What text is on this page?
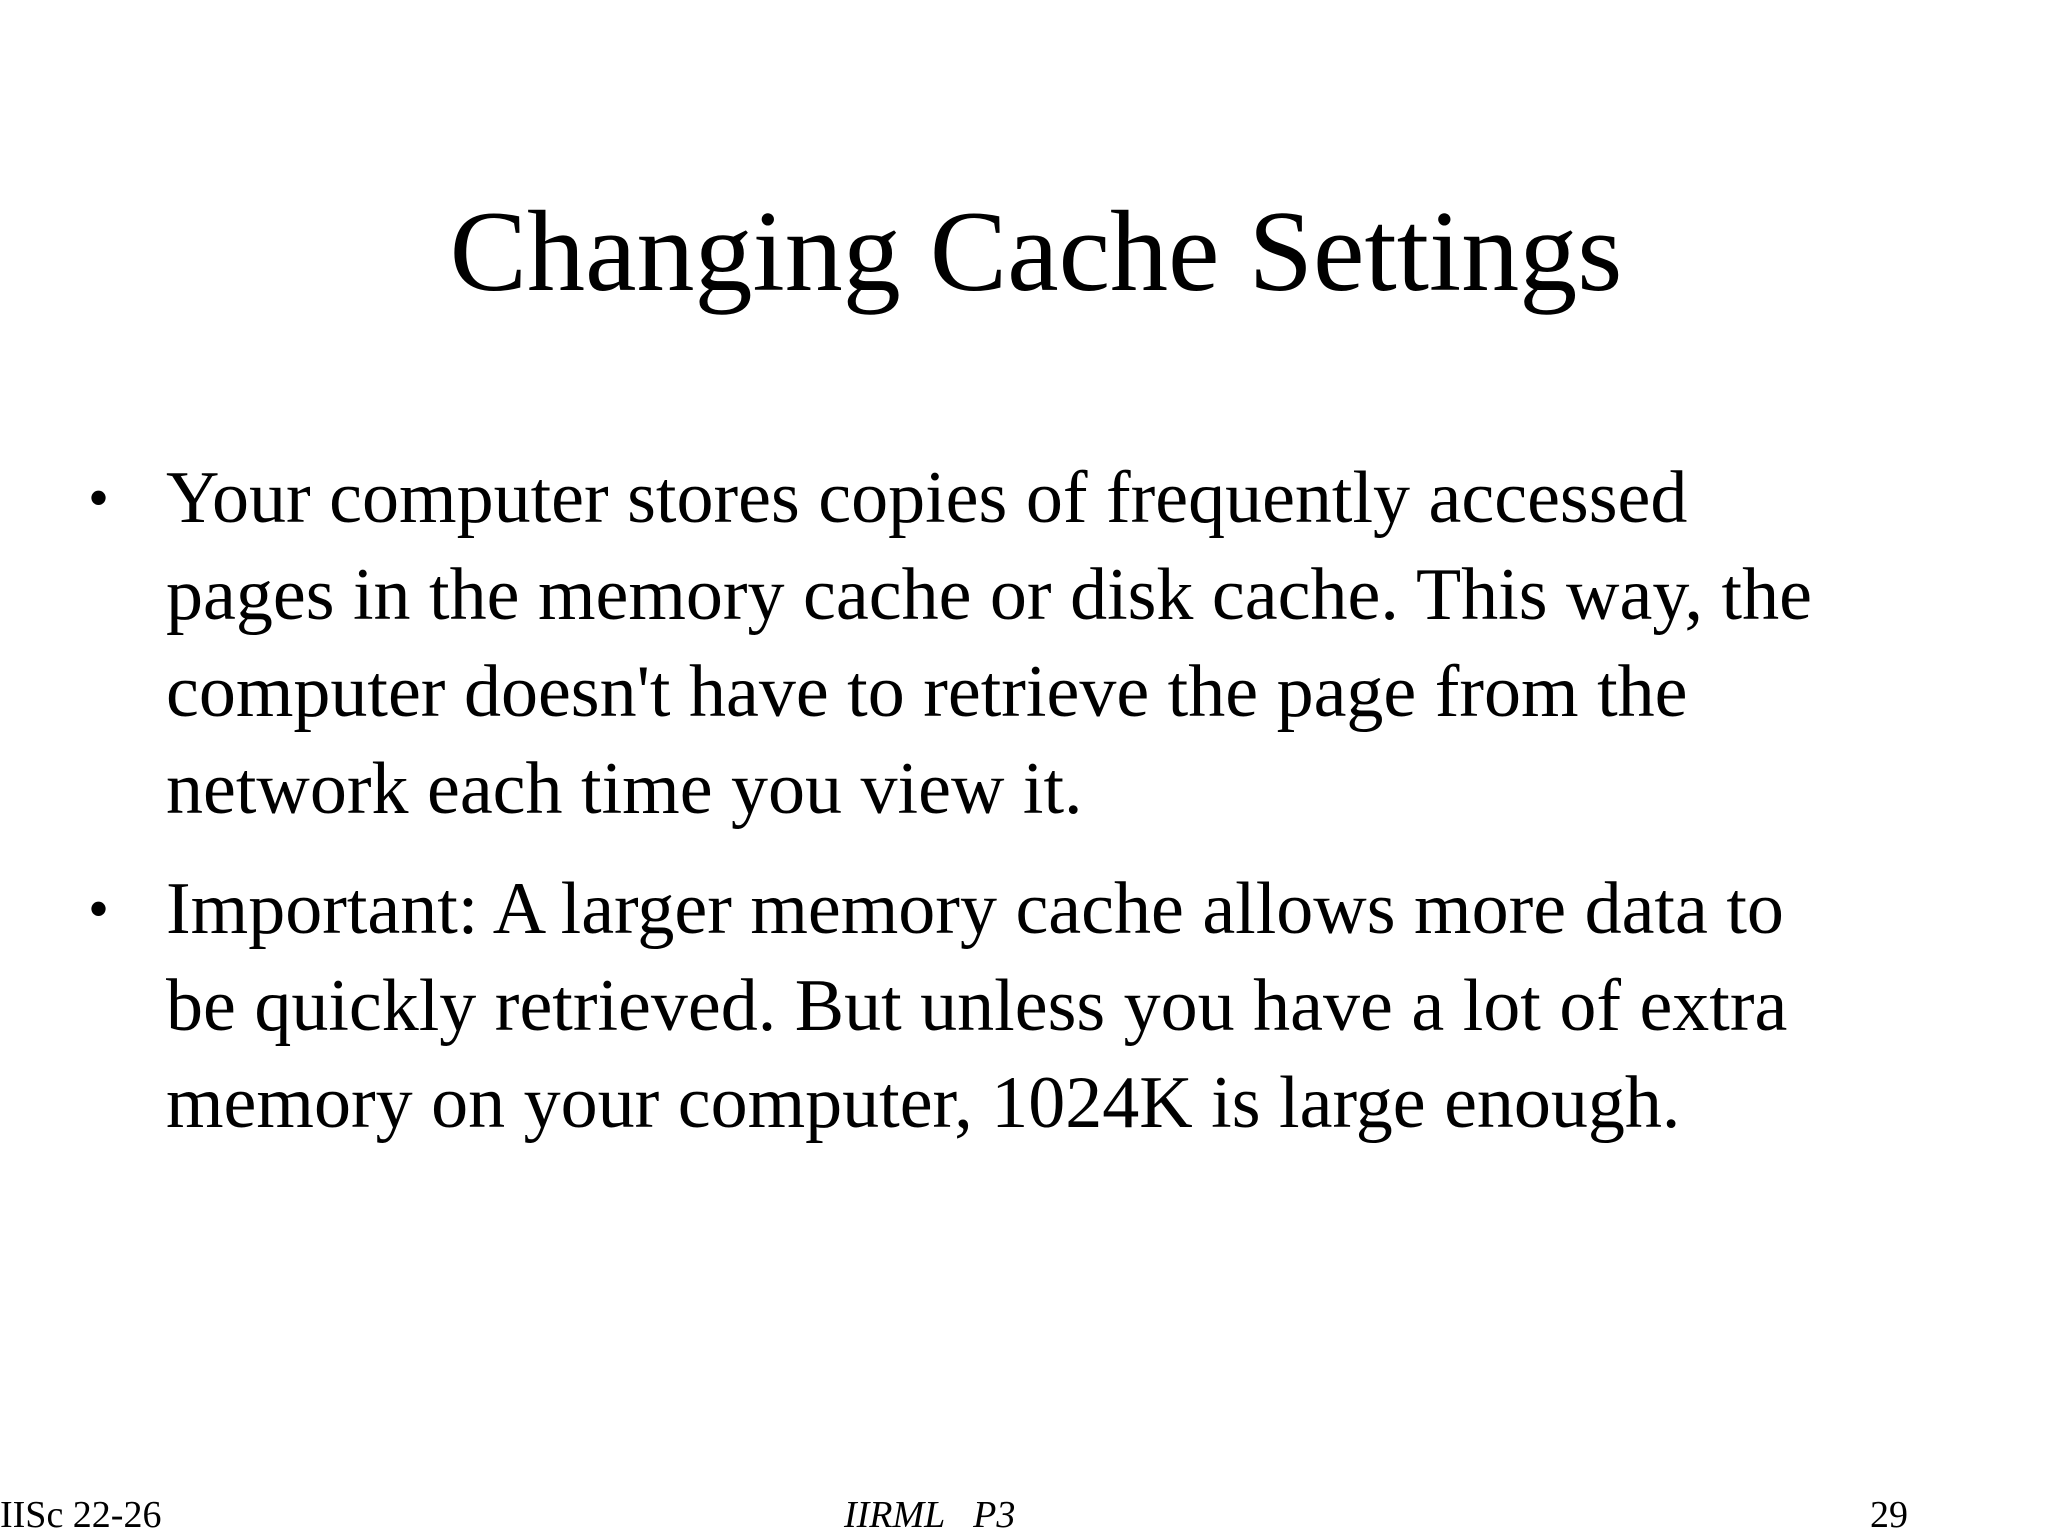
Changing Cache Settings
• Your computer stores copies of frequently accessed
pages in the memory cache or disk cache. This way, the
computer doesn't have to retrieve the page from the
network each time you view it.
• Important: A larger memory cache allows more data to
be quickly retrieved. But unless you have a lot of extra
memory on your computer, 1024K is large enough.
IISc 22-26	IIRML   P3	29
